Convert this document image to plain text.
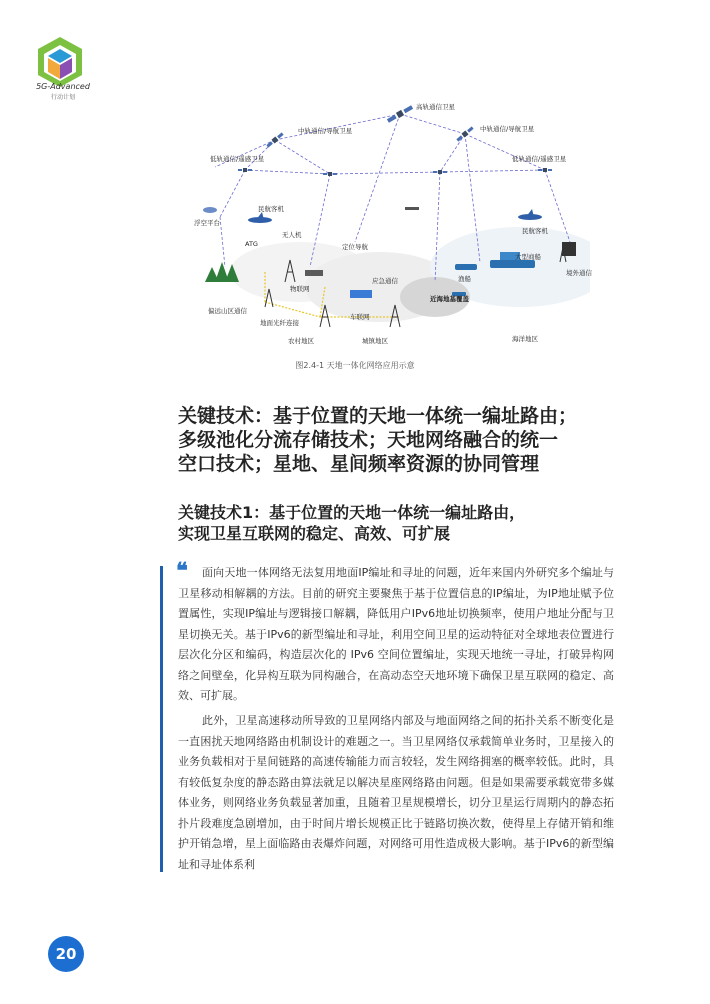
5G-Advanced
行动计划
高轨通信卫星
中轨通信/导航卫星	中轨通信/导航卫星
低轨通信/遥感卫星	低轨通信/遥感卫星
浮空平台
民航客机
民航客机
ATG
无人机
定位导航
大型商船
境外通信
渔船
物联网
应急通信
偏远山区通信
近海地基覆盖
车联网
地面光纤连接
农村地区	城镇地区	海洋地区
图2.4-1 天地一体化网络应用示意
关键技术：基于位置的天地一体统一编址路由；
多级池化分流存储技术；天地网络融合的统一
空口技术；星地、星间频率资源的协同管理
关键技术1：基于位置的天地一体统一编址路由，
实现卫星互联网的稳定、高效、可扩展
❝	面向天地一体网络无法复用地面IP编址和寻址的问题，近年来国内外研究多个编址与卫星移动相解耦的方法。目前的研究主要聚焦于基于位置信息的IP编址，为IP地址赋予位置属性，实现IP编址与逻辑接口解耦，降低用户IPv6地址切换频率，使用户地址分配与卫星切换无关。基于IPv6的新型编址和寻址，利用空间卫星的运动特征对全球地表位置进行层次化分区和编码，构造层次化的 IPv6 空间位置编址，实现天地统一寻址，打破异构网络之间壁垒，化异构互联为同构融合，在高动态空天地环境下确保卫星互联网的稳定、高效、可扩展。
此外，卫星高速移动所导致的卫星网络内部及与地面网络之间的拓扑关系不断变化是一直困扰天地网络路由机制设计的难题之一。当卫星网络仅承载简单业务时，卫星接入的业务负载相对于星间链路的高速传输能力而言较轻，发生网络拥塞的概率较低。此时，具有较低复杂度的静态路由算法就足以解决星座网络路由问题。但是如果需要承载宽带多媒体业务，则网络业务负载显著加重，且随着卫星规模增长，切分卫星运行周期内的静态拓扑片段难度急剧增加，由于时间片增长规模正比于链路切换次数，使得星上存储开销和维护开销急增，星上面临路由表爆炸问题，对网络可用性造成极大影响。基于IPv6的新型编址和寻址体系利
20
